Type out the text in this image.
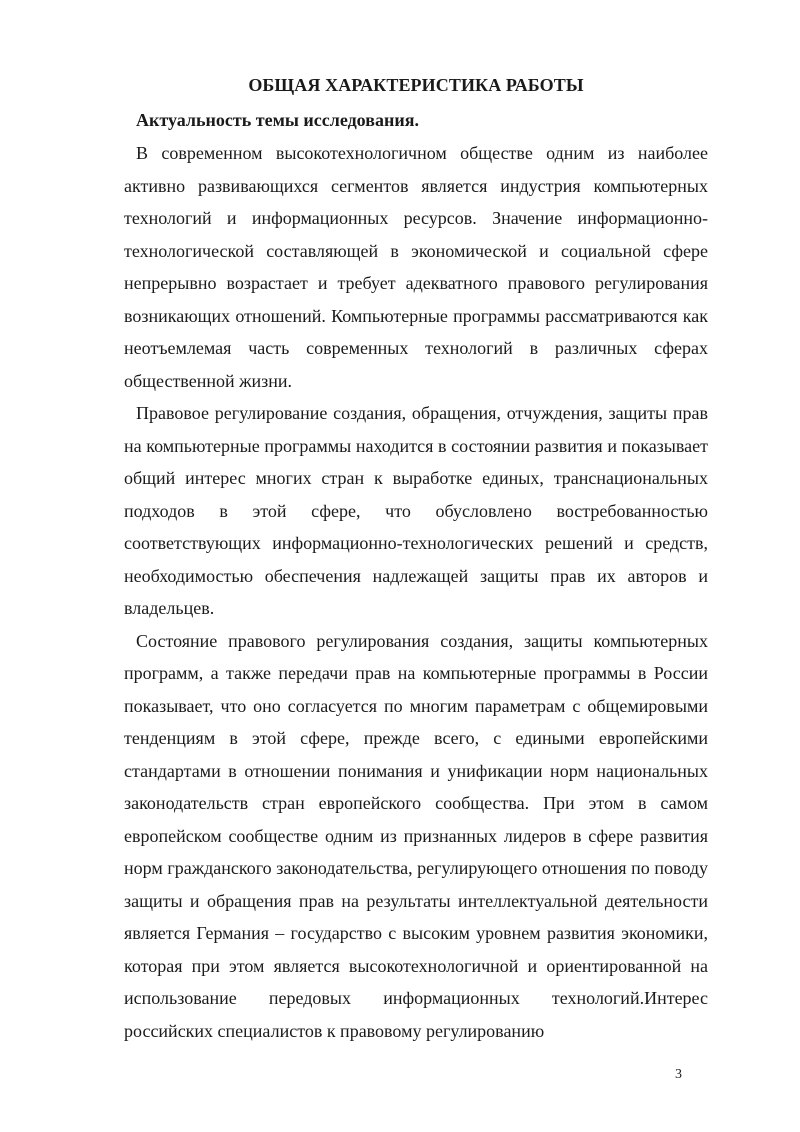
ОБЩАЯ ХАРАКТЕРИСТИКА РАБОТЫ
Актуальность темы исследования.

В современном высокотехнологичном обществе одним из наиболее активно развивающихся сегментов является индустрия компьютерных технологий и информационных ресурсов. Значение информационно-технологической составляющей в экономической и социальной сфере непрерывно возрастает и требует адекватного правового регулирования возникающих отношений. Компьютерные программы рассматриваются как неотъемлемая часть современных технологий в различных сферах общественной жизни.

Правовое регулирование создания, обращения, отчуждения, защиты прав на компьютерные программы находится в состоянии развития и показывает общий интерес многих стран к выработке единых, транснациональных подходов в этой сфере, что обусловлено востребованностью соответствующих информационно-технологических решений и средств, необходимостью обеспечения надлежащей защиты прав их авторов и владельцев.

Состояние правового регулирования создания, защиты компьютерных программ, а также передачи прав на компьютерные программы в России показывает, что оно согласуется по многим параметрам с общемировыми тенденциям в этой сфере, прежде всего, с едиными европейскими стандартами в отношении понимания и унификации норм национальных законодательств стран европейского сообщества. При этом в самом европейском сообществе одним из признанных лидеров в сфере развития норм гражданского законодательства, регулирующего отношения по поводу защиты и обращения прав на результаты интеллектуальной деятельности является Германия – государство с высоким уровнем развития экономики, которая при этом является высокотехнологичной и ориентированной на использование передовых информационных технологий.Интерес российских специалистов к правовому регулированию

3
